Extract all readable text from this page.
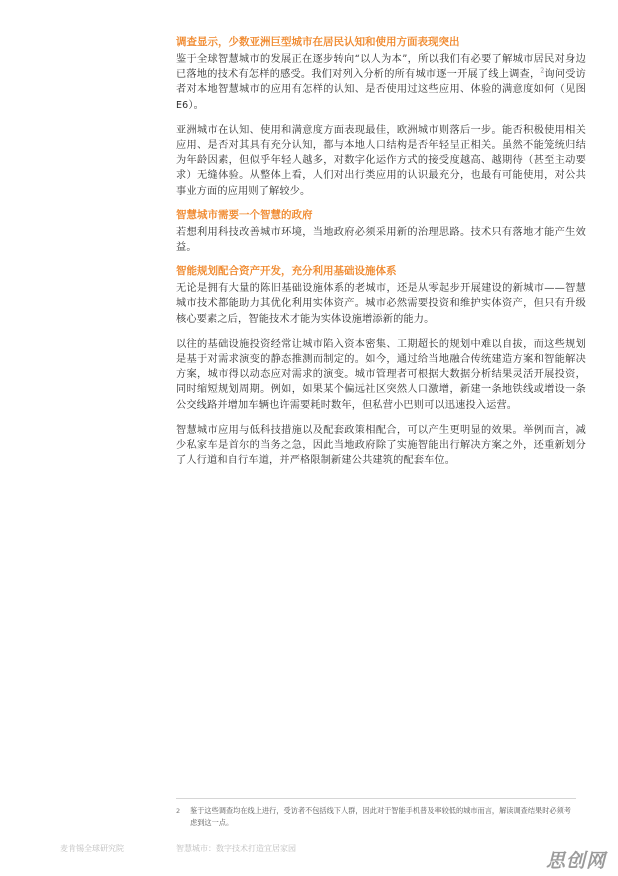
调查显示，少数亚洲巨型城市在居民认知和使用方面表现突出

鉴于全球智慧城市的发展正在逐步转向“以人为本”，所以我们有必要了解城市居民对身边已落地的技术有怎样的感受。我们对列入分析的所有城市逐一开展了线上调查，$^2$询问受访者对本地智慧城市的应用有怎样的认知、是否使用过这些应用、体验的满意度如何（见图E6）。

亚洲城市在认知、使用和满意度方面表现最佳，欧洲城市则落后一步。能否积极使用相关应用、是否对其具有充分认知，都与本地人口结构是否年轻呈正相关。虽然不能笼统归结为年龄因素，但似乎年轻人越多，对数字化运作方式的接受度越高、越期待（甚至主动要求）无缝体验。从整体上看，人们对出行类应用的认识最充分，也最有可能使用，对公共事业方面的应用则了解较少。

智慧城市需要一个智慧的政府

若想利用科技改善城市环境，当地政府必须采用新的治理思路。技术只有落地才能产生效益。

智能规划配合资产开发，充分利用基础设施体系

无论是拥有大量的陈旧基础设施体系的老城市，还是从零起步开展建设的新城市——智慧城市技术都能助力其优化利用实体资产。城市必然需要投资和维护实体资产，但只有升级核心要素之后，智能技术才能为实体设施增添新的能力。

以往的基础设施投资经常让城市陷入资本密集、工期超长的规划中难以自拔，而这些规划是基于对需求演变的静态推测而制定的。如今，通过给当地融合传统建造方案和智能解决方案，城市得以动态应对需求的演变。城市管理者可根据大数据分析结果灵活开展投资，同时缩短规划周期。例如，如果某个偏远社区突然人口激增，新建一条地铁线或增设一条公交线路并增加车辆也许需要耗时数年，但私营小巴则可以迅速投入运营。

智慧城市应用与低科技措施以及配套政策相配合，可以产生更明显的效果。举例而言，减少私家车是首尔的当务之急，因此当地政府除了实施智能出行解决方案之外，还重新划分了人行道和自行车道，并严格限制新建公共建筑的配套车位。

2	鉴于这些调查均在线上进行，受访者不包括线下人群，因此对于智能手机普及率较低的城市而言，解读调查结果时必须考虑到这一点。
麦肯锡全球研究院	智慧城市：数字技术打造宜居家园
思创网
